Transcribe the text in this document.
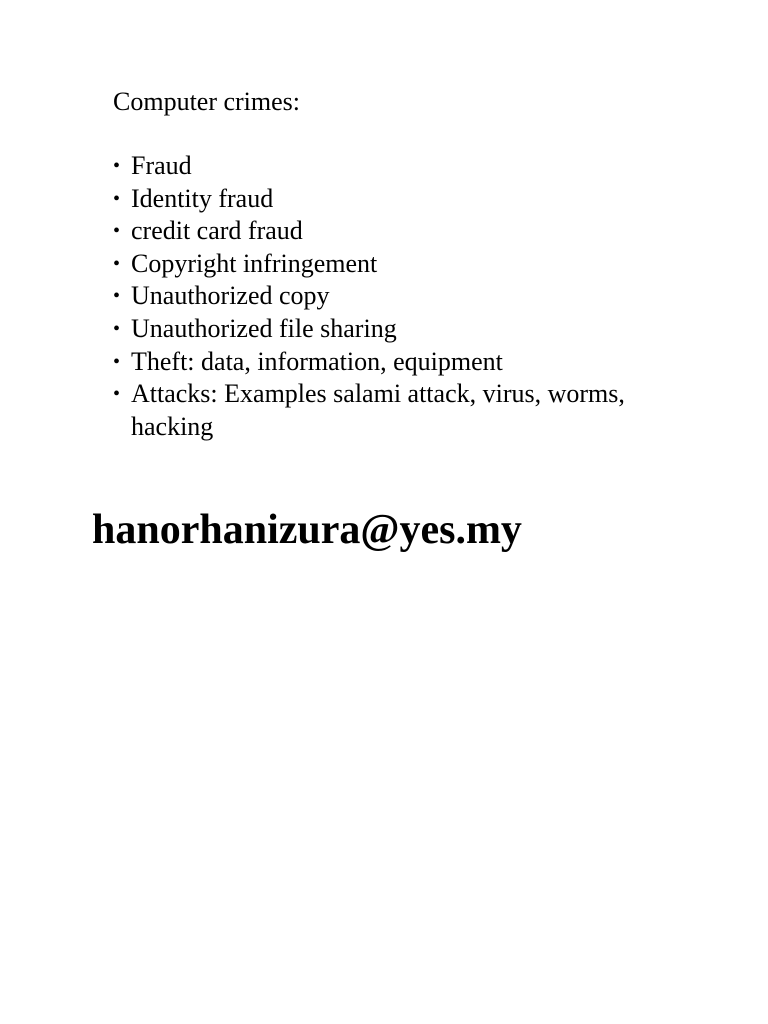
Computer crimes:
• Fraud
• Identity fraud
• credit card fraud
• Copyright infringement
• Unauthorized copy
• Unauthorized file sharing
• Theft: data, information, equipment
• Attacks: Examples salami attack, virus, worms, hacking
hanorhanizura@yes.my
